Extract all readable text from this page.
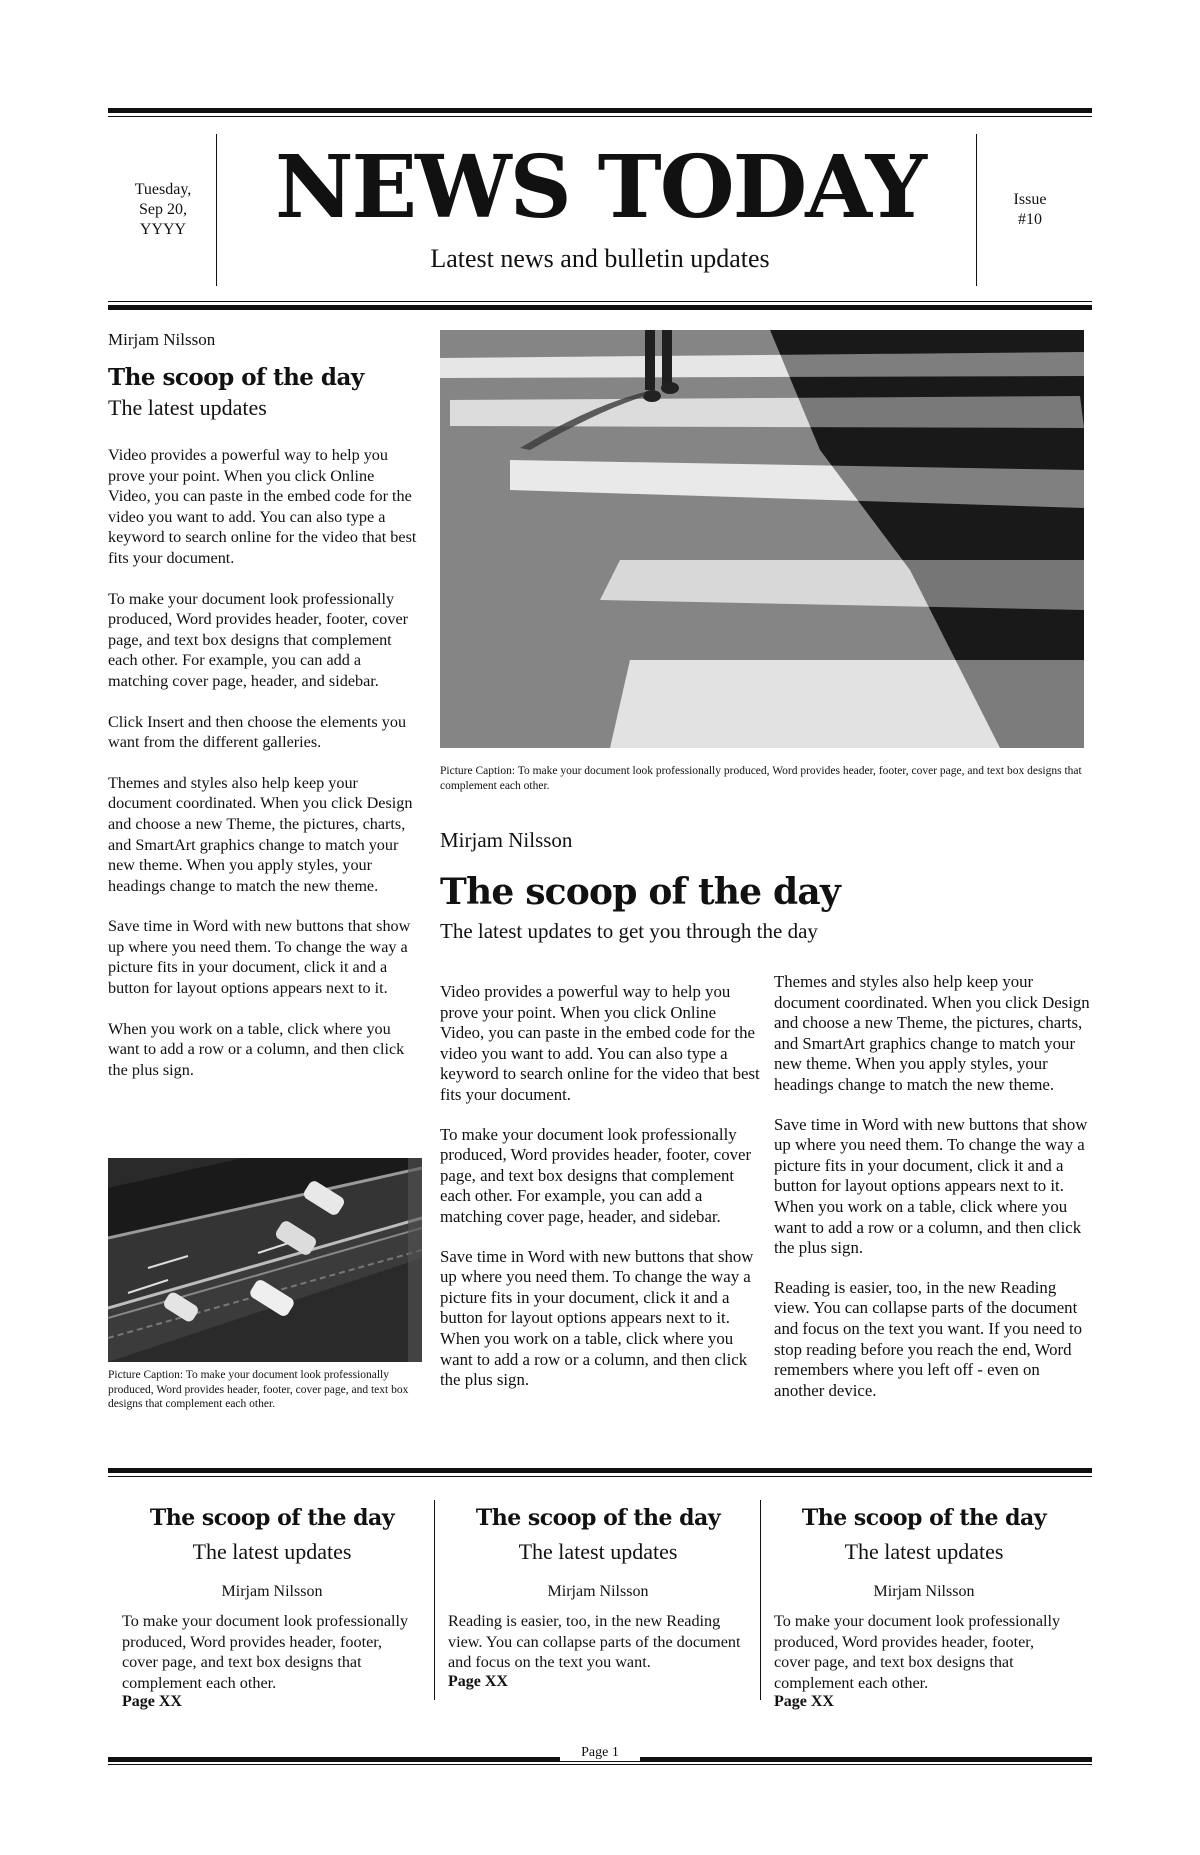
Tuesday,
Sep 20,
YYYY	NEWS TODAY
Latest news and bulletin updates
Issue
#10
Mirjam Nilsson
The scoop of the day
The latest updates

Video provides a powerful way to help you prove your point. When you click Online Video, you can paste in the embed code for the video you want to add. You can also type a keyword to search online for the video that best fits your document.

To make your document look professionally produced, Word provides header, footer, cover page, and text box designs that complement each other. For example, you can add a matching cover page, header, and sidebar.

Click Insert and then choose the elements you want from the different galleries.

Themes and styles also help keep your document coordinated. When you click Design and choose a new Theme, the pictures, charts, and SmartArt graphics change to match your new theme. When you apply styles, your headings change to match the new theme.

Save time in Word with new buttons that show up where you need them. To change the way a picture fits in your document, click it and a button for layout options appears next to it.

When you work on a table, click where you want to add a row or a column, and then click the plus sign.

Picture Caption: To make your document look professionally produced, Word provides header, footer, cover page, and text box designs that complement each other.
Picture Caption: To make your document look professionally produced, Word provides header, footer, cover page, and text box designs that complement each other.
Mirjam Nilsson
The scoop of the day
The latest updates to get you through the day

Video provides a powerful way to help you prove your point. When you click Online Video, you can paste in the embed code for the video you want to add. You can also type a keyword to search online for the video that best fits your document.

To make your document look professionally produced, Word provides header, footer, cover page, and text box designs that complement each other. For example, you can add a matching cover page, header, and sidebar.

Save time in Word with new buttons that show up where you need them. To change the way a picture fits in your document, click it and a button for layout options appears next to it. When you work on a table, click where you want to add a row or a column, and then click the plus sign.

Themes and styles also help keep your document coordinated. When you click Design and choose a new Theme, the pictures, charts, and SmartArt graphics change to match your new theme. When you apply styles, your headings change to match the new theme.

Save time in Word with new buttons that show up where you need them. To change the way a picture fits in your document, click it and a button for layout options appears next to it. When you work on a table, click where you want to add a row or a column, and then click the plus sign.

Reading is easier, too, in the new Reading view. You can collapse parts of the document and focus on the text you want. If you need to stop reading before you reach the end, Word remembers where you left off - even on another device.

The scoop of the day
The latest updates
Mirjam Nilsson
To make your document look professionally produced, Word provides header, footer, cover page, and text box designs that complement each other.
Page XX
The scoop of the day
The latest updates
Mirjam Nilsson
Reading is easier, too, in the new Reading view. You can collapse parts of the document and focus on the text you want.
Page XX
The scoop of the day
The latest updates
Mirjam Nilsson
To make your document look professionally produced, Word provides header, footer, cover page, and text box designs that complement each other.
Page XX
Page 1
